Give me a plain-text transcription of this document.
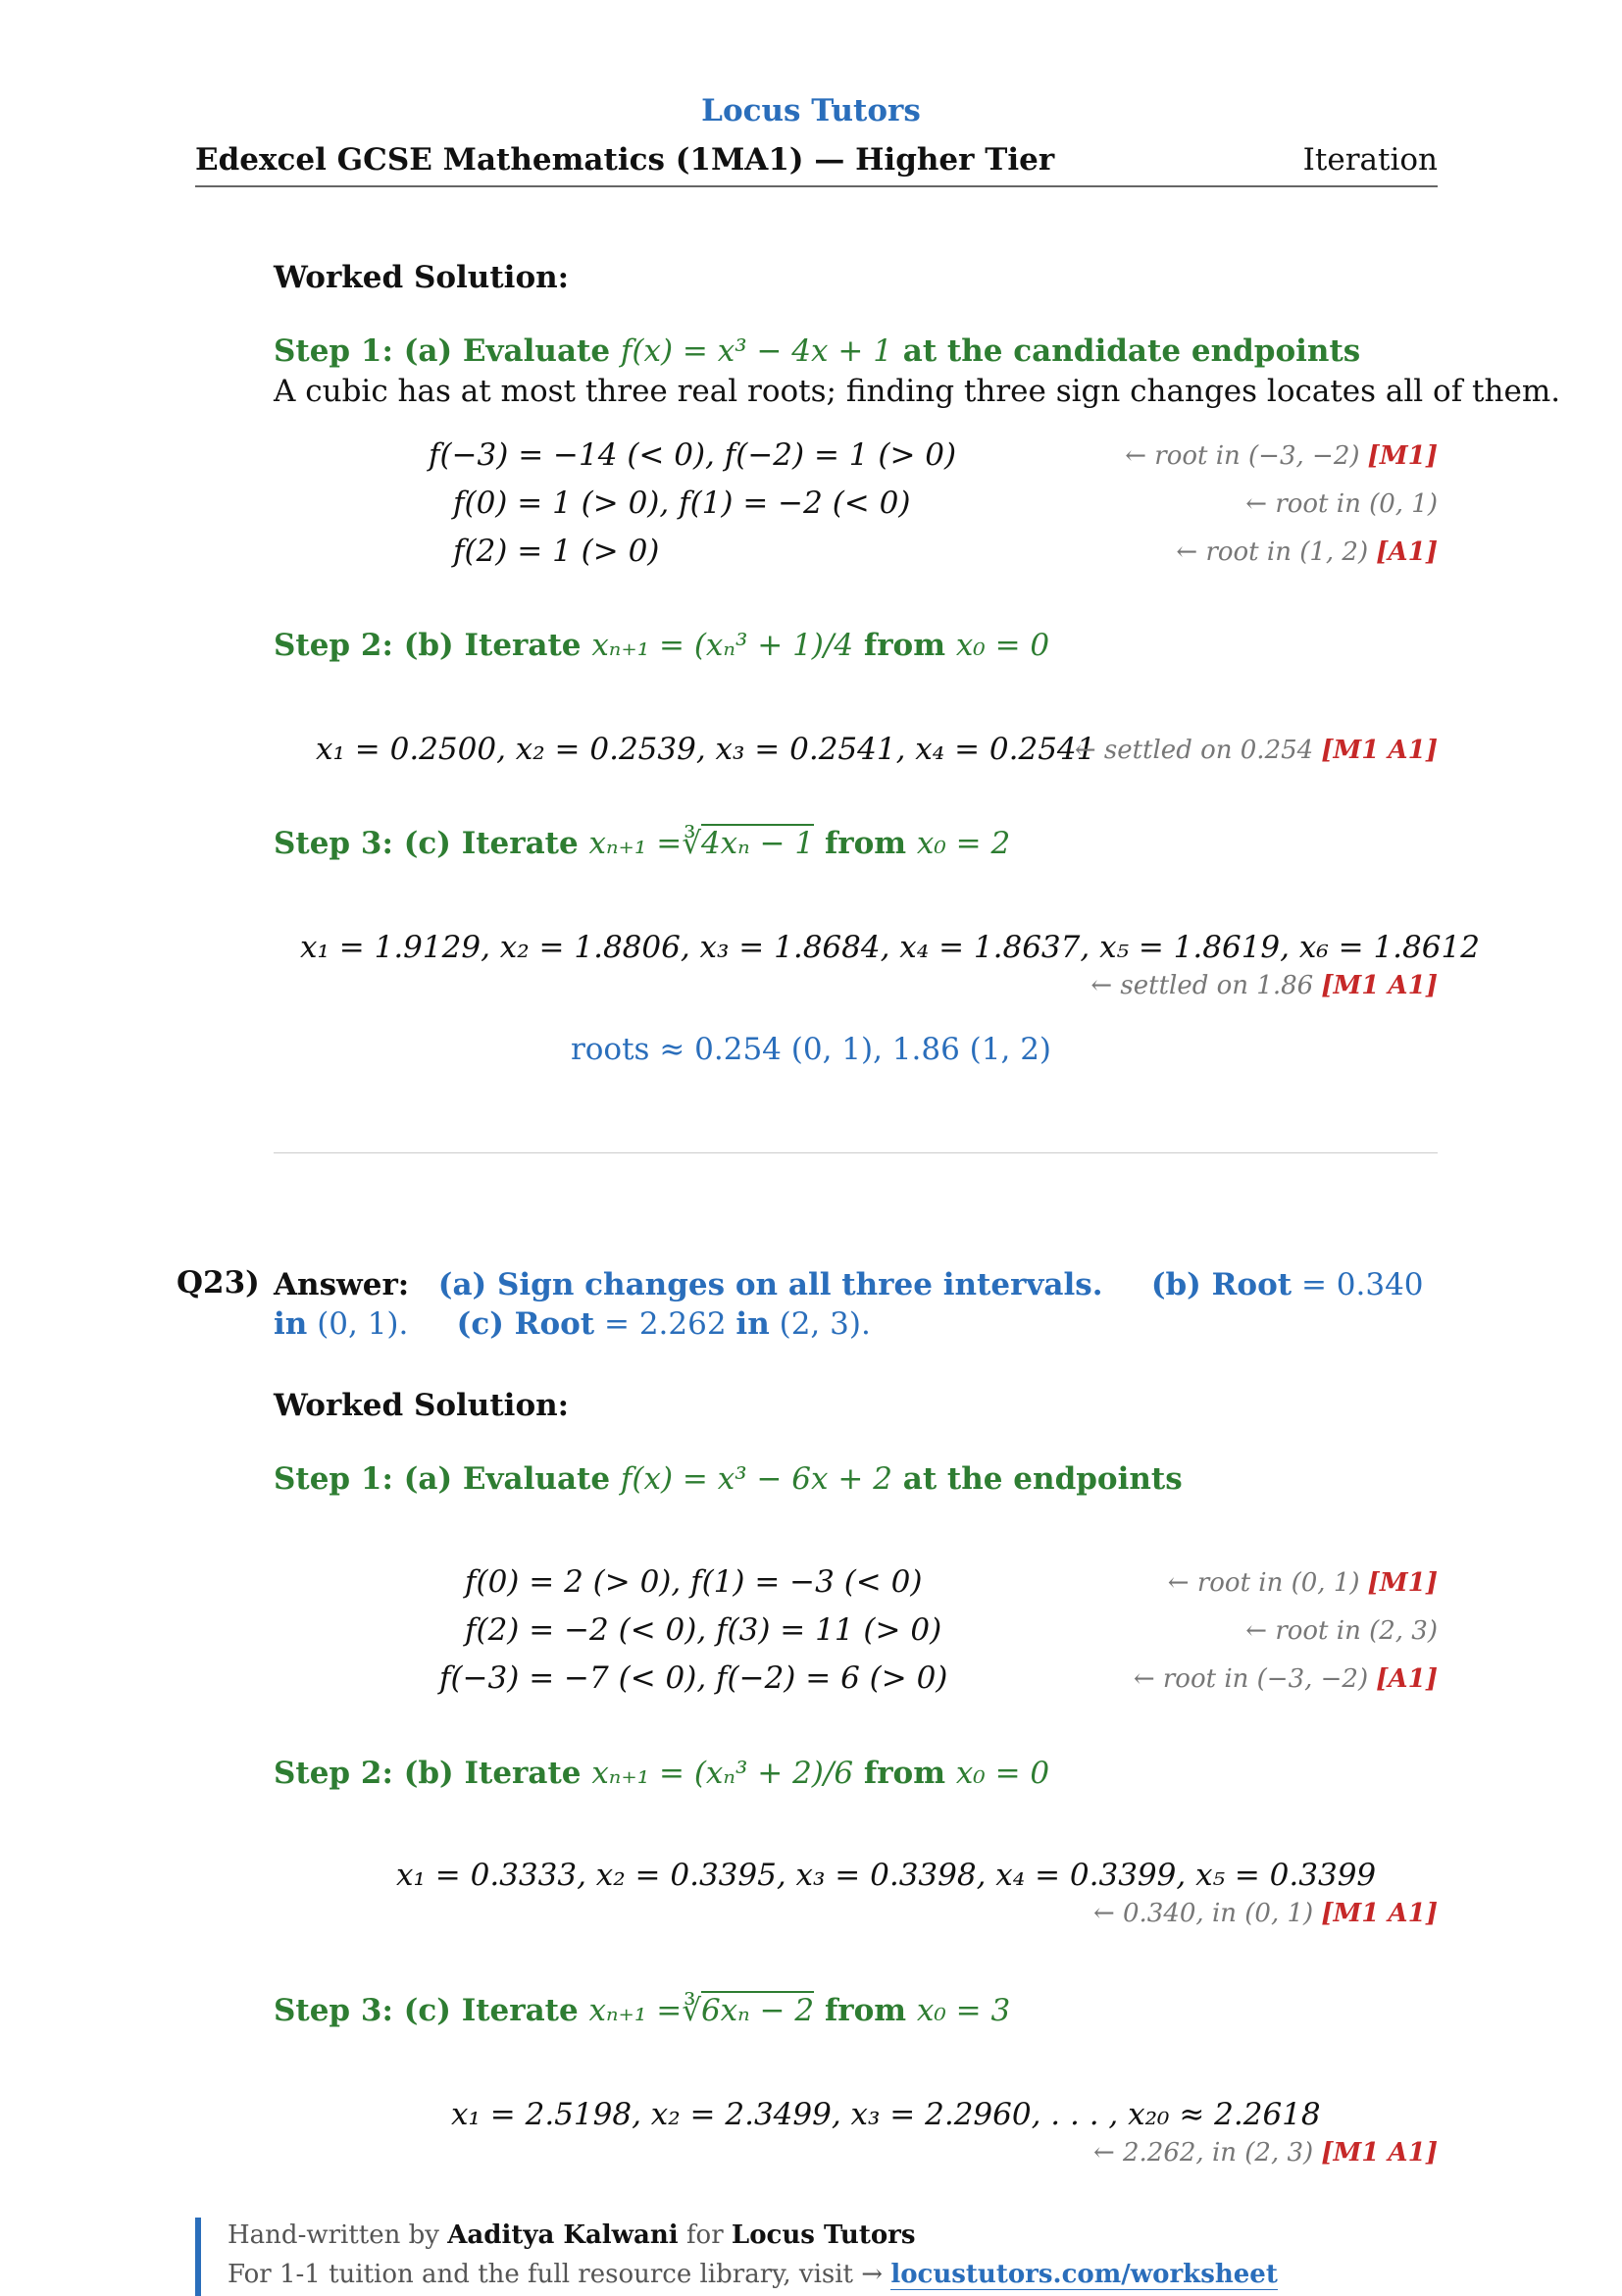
Locus Tutors
Edexcel GCSE Mathematics (1MA1) — Higher Tier	Iteration
Worked Solution:
Step 1: (a) Evaluate f(x) = x³ − 4x + 1 at the candidate endpoints
A cubic has at most three real roots; finding three sign changes locates all of them.
f(−3) = −14 (< 0), f(−2) = 1 (> 0)	← root in (−3, −2) [M1]
f(0) = 1 (> 0), f(1) = −2 (< 0)	← root in (0, 1)
f(2) = 1 (> 0)	← root in (1, 2) [A1]
Step 2: (b) Iterate xₙ₊₁ = (xₙ³ + 1)/4 from x₀ = 0
x₁ = 0.2500, x₂ = 0.2539, x₃ = 0.2541, x₄ = 0.2541
← settled on 0.254 [M1 A1]
Step 3: (c) Iterate xₙ₊₁ =∛4xₙ − 1 from x₀ = 2
x₁ = 1.9129, x₂ = 1.8806, x₃ = 1.8684, x₄ = 1.8637, x₅ = 1.8619, x₆ = 1.8612
← settled on 1.86 [M1 A1]
roots ≈ 0.254 (0, 1), 1.86 (1, 2)
Q23) Answer: (a) Sign changes on all three intervals. (b) Root = 0.340 in (0, 1). (c) Root = 2.262 in (2, 3).
Worked Solution:
Step 1: (a) Evaluate f(x) = x³ − 6x + 2 at the endpoints
f(0) = 2 (> 0), f(1) = −3 (< 0)	← root in (0, 1) [M1]
f(2) = −2 (< 0), f(3) = 11 (> 0)	← root in (2, 3)
f(−3) = −7 (< 0), f(−2) = 6 (> 0)	← root in (−3, −2) [A1]
Step 2: (b) Iterate xₙ₊₁ = (xₙ³ + 2)/6 from x₀ = 0
x₁ = 0.3333, x₂ = 0.3395, x₃ = 0.3398, x₄ = 0.3399, x₅ = 0.3399
← 0.340, in (0, 1) [M1 A1]
Step 3: (c) Iterate xₙ₊₁ =∛6xₙ − 2 from x₀ = 3
x₁ = 2.5198, x₂ = 2.3499, x₃ = 2.2960, . . . , x₂₀ ≈ 2.2618
← 2.262, in (2, 3) [M1 A1]
Hand-written by Aaditya Kalwani for Locus Tutors
For 1-1 tuition and the full resource library, visit → locustutors.com/worksheet
